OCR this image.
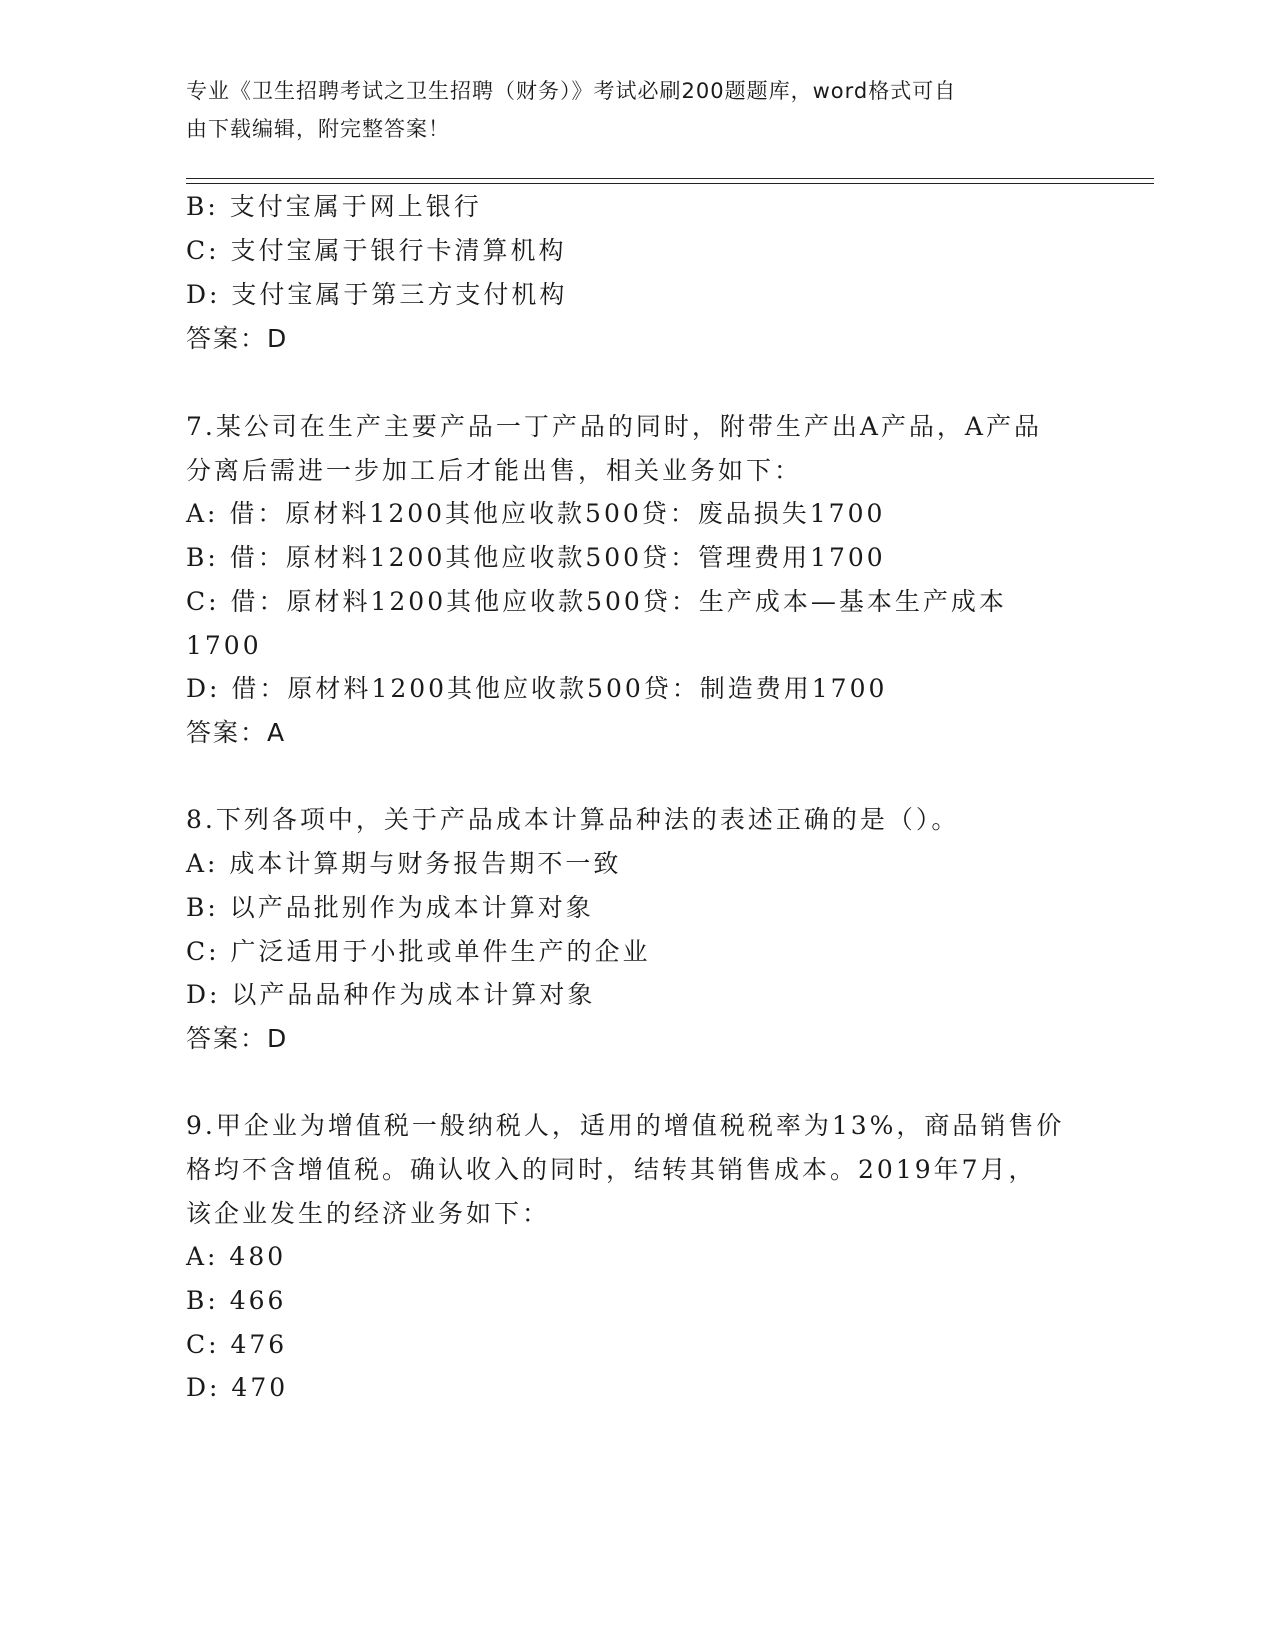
专业《卫生招聘考试之卫生招聘（财务）》考试必刷200题题库，word格式可自
由下载编辑，附完整答案！
B: 支付宝属于网上银行
C: 支付宝属于银行卡清算机构
D: 支付宝属于第三方支付机构
答案：D
7.某公司在生产主要产品一丁产品的同时，附带生产出A产品，A产品
分离后需进一步加工后才能出售，相关业务如下：
A: 借：原材料1200其他应收款500贷：废品损失1700
B: 借：原材料1200其他应收款500贷：管理费用1700
C: 借：原材料1200其他应收款500贷：生产成本—基本生产成本
1700
D: 借：原材料1200其他应收款500贷：制造费用1700
答案：A
8.下列各项中，关于产品成本计算品种法的表述正确的是（）。
A: 成本计算期与财务报告期不一致
B: 以产品批别作为成本计算对象
C: 广泛适用于小批或单件生产的企业
D: 以产品品种作为成本计算对象
答案：D
9.甲企业为增值税一般纳税人，适用的增值税税率为13%，商品销售价
格均不含增值税。确认收入的同时，结转其销售成本。2019年7月，
该企业发生的经济业务如下：
A: 480
B: 466
C: 476
D: 470
